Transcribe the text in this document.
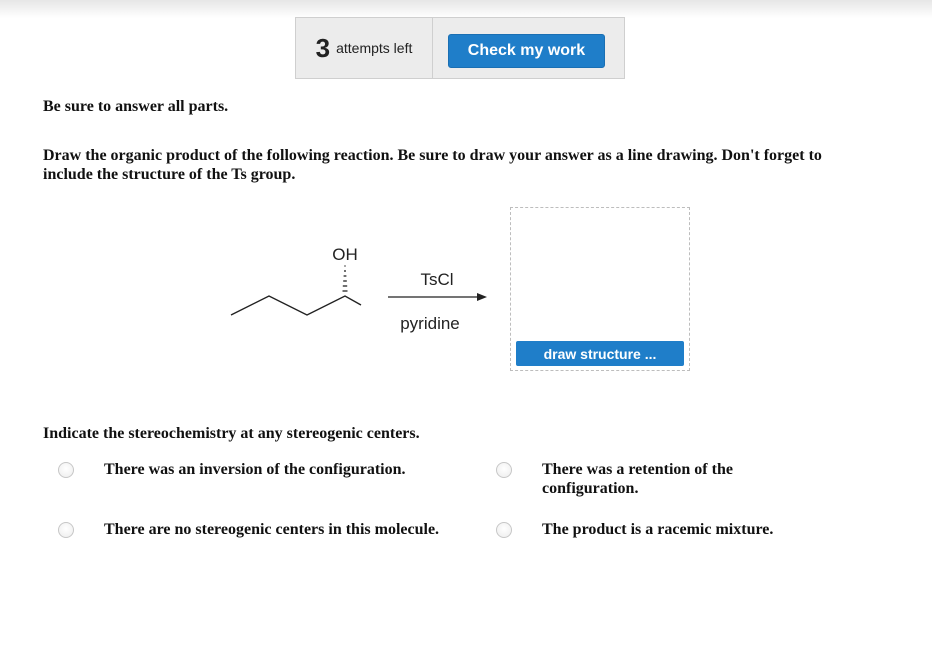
3 attempts left	Check my work
Be sure to answer all parts.
Draw the organic product of the following reaction. Be sure to draw your answer as a line drawing. Don't forget to include the structure of the Ts group.
OH
TsCl
pyridine
draw structure ...
Indicate the stereochemistry at any stereogenic centers.
There was an inversion of the configuration.	There was a retention of the configuration.
There are no stereogenic centers in this molecule.	The product is a racemic mixture.
